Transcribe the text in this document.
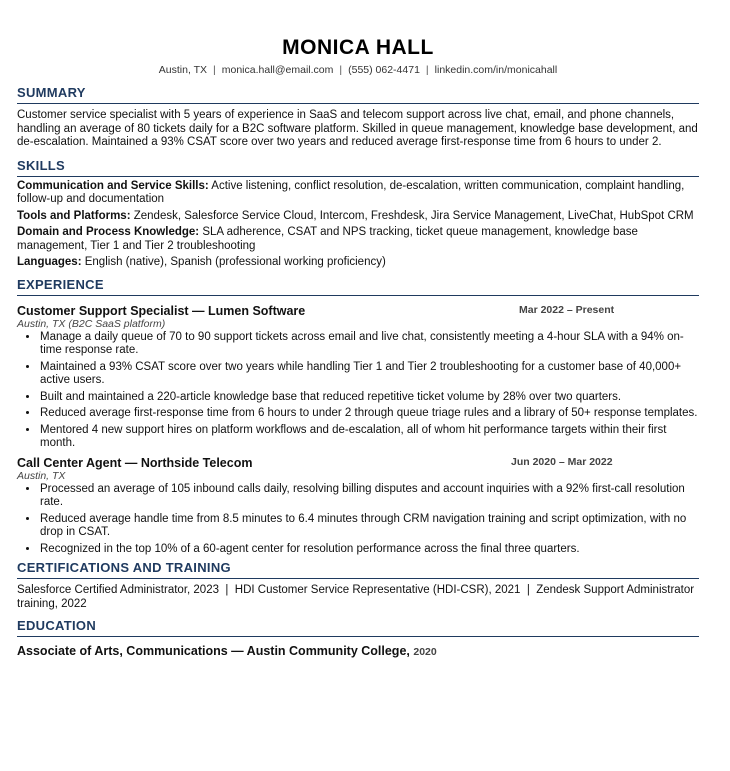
MONICA HALL
Austin, TX | monica.hall@email.com | (555) 062-4471 | linkedin.com/in/monicahall
SUMMARY
Customer service specialist with 5 years of experience in SaaS and telecom support across live chat, email, and phone channels, handling an average of 80 tickets daily for a B2C software platform. Skilled in queue management, knowledge base development, and de-escalation. Maintained a 93% CSAT score over two years and reduced average first-response time from 6 hours to under 2.
SKILLS
Communication and Service Skills: Active listening, conflict resolution, de-escalation, written communication, complaint handling, follow-up and documentation
Tools and Platforms: Zendesk, Salesforce Service Cloud, Intercom, Freshdesk, Jira Service Management, LiveChat, HubSpot CRM
Domain and Process Knowledge: SLA adherence, CSAT and NPS tracking, ticket queue management, knowledge base management, Tier 1 and Tier 2 troubleshooting
Languages: English (native), Spanish (professional working proficiency)
EXPERIENCE
Customer Support Specialist — Lumen Software	Mar 2022 – Present
Austin, TX (B2C SaaS platform)
• Manage a daily queue of 70 to 90 support tickets across email and live chat, consistently meeting a 4-hour SLA with a 94% on-time response rate.
• Maintained a 93% CSAT score over two years while handling Tier 1 and Tier 2 troubleshooting for a customer base of 40,000+ active users.
• Built and maintained a 220-article knowledge base that reduced repetitive ticket volume by 28% over two quarters.
• Reduced average first-response time from 6 hours to under 2 through queue triage rules and a library of 50+ response templates.
• Mentored 4 new support hires on platform workflows and de-escalation, all of whom hit performance targets within their first month.
Call Center Agent — Northside Telecom	Jun 2020 – Mar 2022
Austin, TX
• Processed an average of 105 inbound calls daily, resolving billing disputes and account inquiries with a 92% first-call resolution rate.
• Reduced average handle time from 8.5 minutes to 6.4 minutes through CRM navigation training and script optimization, with no drop in CSAT.
• Recognized in the top 10% of a 60-agent center for resolution performance across the final three quarters.
CERTIFICATIONS AND TRAINING
Salesforce Certified Administrator, 2023  |  HDI Customer Service Representative (HDI-CSR), 2021  |  Zendesk Support Administrator training, 2022
EDUCATION
Associate of Arts, Communications — Austin Community College, 2020
